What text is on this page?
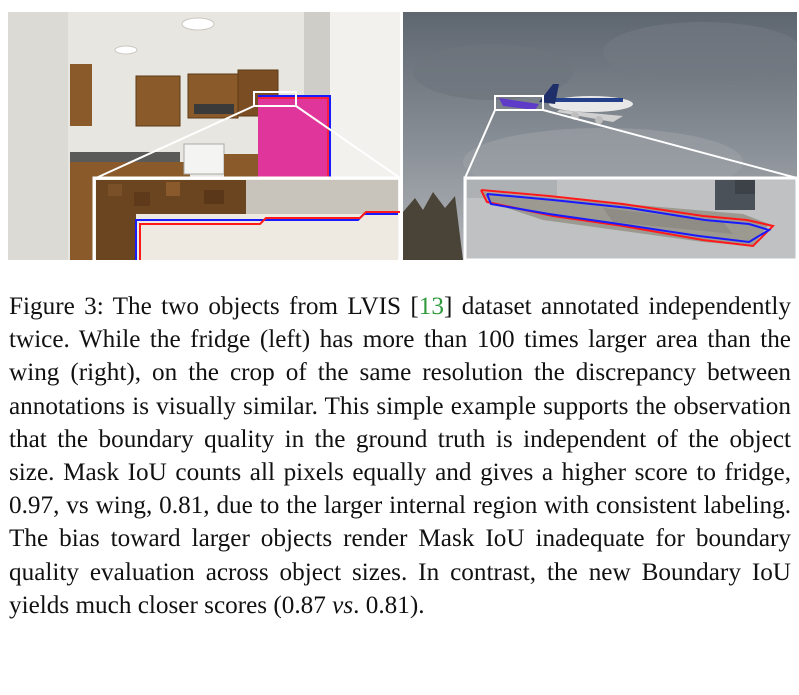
Figure 3: The two objects from LVIS [13] dataset annotated independently twice. While the fridge (left) has more than 100 times larger area than the wing (right), on the crop of the same resolution the discrepancy between annotations is visually similar. This simple example supports the observation that the boundary quality in the ground truth is independent of the object size. Mask IoU counts all pixels equally and gives a higher score to fridge, 0.97, vs wing, 0.81, due to the larger internal region with consistent labeling. The bias toward larger objects render Mask IoU inadequate for boundary quality evaluation across object sizes. In contrast, the new Boundary IoU yields much closer scores (0.87 vs. 0.81).
